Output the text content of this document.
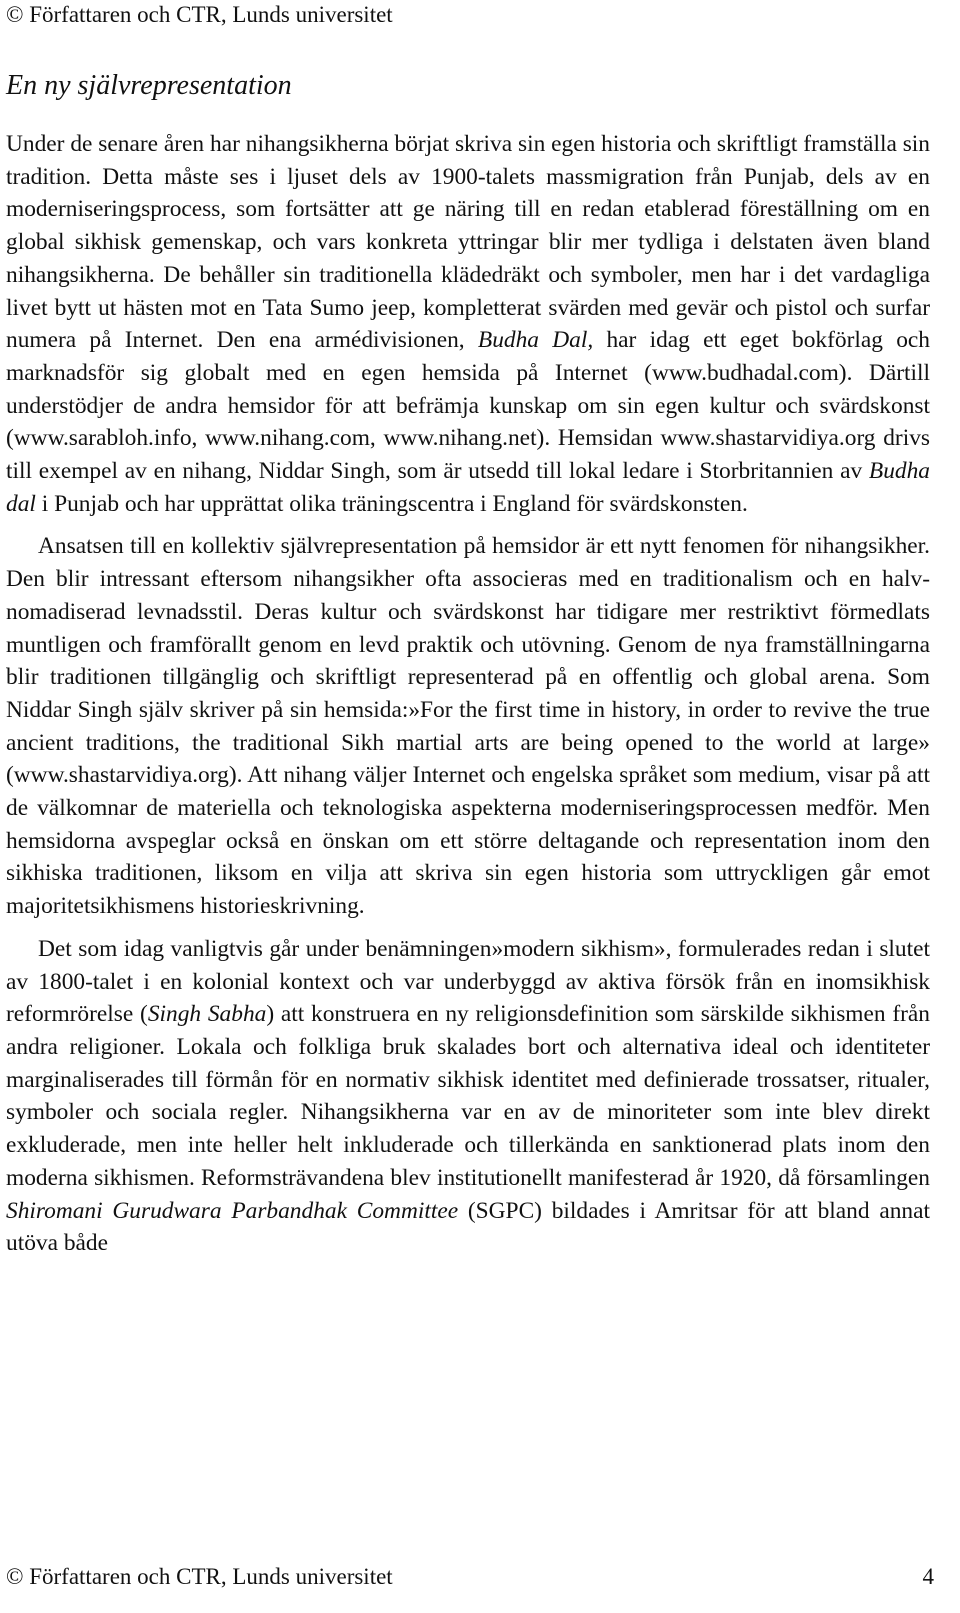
© Författaren och CTR, Lunds universitet
En ny självrepresentation

Under de senare åren har nihangsikherna börjat skriva sin egen historia och skriftligt framställa sin tradition. Detta måste ses i ljuset dels av 1900-talets massmigration från Punjab, dels av en moderniseringsprocess, som fortsätter att ge näring till en redan etablerad föreställning om en global sikhisk gemenskap, och vars konkreta yttringar blir mer tydliga i delstaten även bland nihangsikherna. De behåller sin traditionella klädedräkt och symboler, men har i det vardagliga livet bytt ut hästen mot en Tata Sumo jeep, kompletterat svärden med gevär och pistol och surfar numera på Internet. Den ena armédivisionen, Budha Dal, har idag ett eget bokförlag och marknadsför sig globalt med en egen hemsida på Internet (www.budhadal.com). Därtill understödjer de andra hemsidor för att befrämja kunskap om sin egen kultur och svärdskonst (www.sarabloh.info, www.nihang.com, www.nihang.net). Hemsidan www.shastarvidiya.org drivs till exempel av en nihang, Niddar Singh, som är utsedd till lokal ledare i Storbritannien av Budha dal i Punjab och har upprättat olika träningscentra i England för svärdskonsten.

Ansatsen till en kollektiv självrepresentation på hemsidor är ett nytt fenomen för nihangsikher. Den blir intressant eftersom nihangsikher ofta associeras med en traditionalism och en halv-nomadiserad levnadsstil. Deras kultur och svärdskonst har tidigare mer restriktivt förmedlats muntligen och framförallt genom en levd praktik och utövning. Genom de nya framställningarna blir traditionen tillgänglig och skriftligt representerad på en offentlig och global arena. Som Niddar Singh själv skriver på sin hemsida:»For the first time in history, in order to revive the true ancient traditions, the traditional Sikh martial arts are being opened to the world at large» (www.shastarvidiya.org). Att nihang väljer Internet och engelska språket som medium, visar på att de välkomnar de materiella och teknologiska aspekterna moderniseringsprocessen medför. Men hemsidorna avspeglar också en önskan om ett större deltagande och representation inom den sikhiska traditionen, liksom en vilja att skriva sin egen historia som uttryckligen går emot majoritetsikhismens historieskrivning.

Det som idag vanligtvis går under benämningen»modern sikhism», formulerades redan i slutet av 1800-talet i en kolonial kontext och var underbyggd av aktiva försök från en inomsikhisk reformrörelse (Singh Sabha) att konstruera en ny religionsdefinition som särskilde sikhismen från andra religioner. Lokala och folkliga bruk skalades bort och alternativa ideal och identiteter marginaliserades till förmån för en normativ sikhisk identitet med definierade trossatser, ritualer, symboler och sociala regler. Nihangsikherna var en av de minoriteter som inte blev direkt exkluderade, men inte heller helt inkluderade och tillerkända en sanktionerad plats inom den moderna sikhismen. Reformsträvandena blev institutionellt manifesterad år 1920, då församlingen Shiromani Gurudwara Parbandhak Committee (SGPC) bildades i Amritsar för att bland annat utöva både

© Författaren och CTR, Lunds universitet	4
